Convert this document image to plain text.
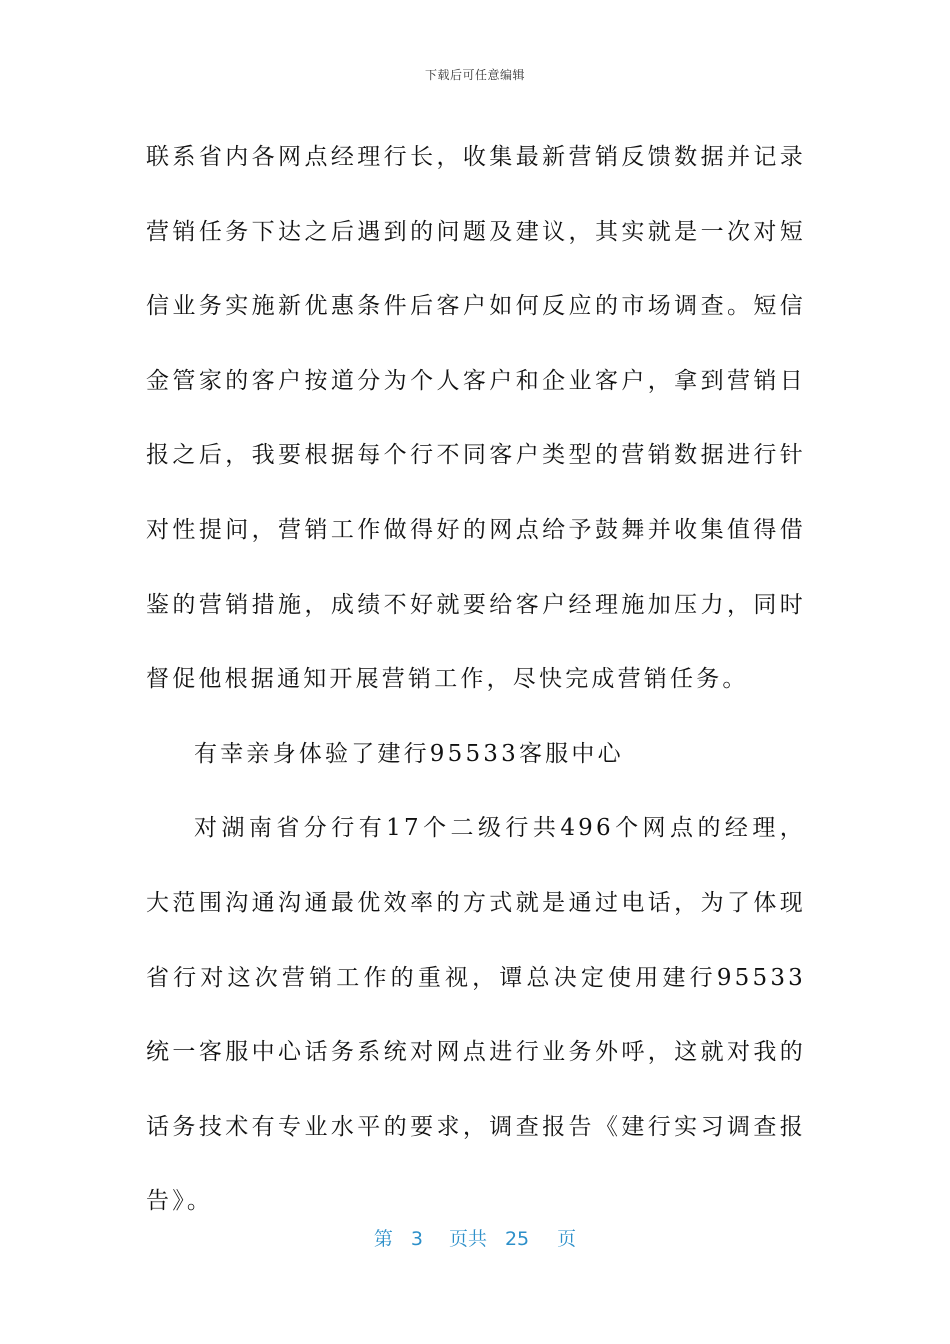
下载后可任意编辑

联系省内各网点经理行长，收集最新营销反馈数据并记录营销任务下达之后遇到的问题及建议，其实就是一次对短信业务实施新优惠条件后客户如何反应的市场调查。短信金管家的客户按道分为个人客户和企业客户，拿到营销日报之后，我要根据每个行不同客户类型的营销数据进行针对性提问，营销工作做得好的网点给予鼓舞并收集值得借鉴的营销措施，成绩不好就要给客户经理施加压力，同时督促他根据通知开展营销工作，尽快完成营销任务。

有幸亲身体验了建行95533客服中心

对湖南省分行有17个二级行共496个网点的经理，大范围沟通沟通最优效率的方式就是通过电话，为了体现省行对这次营销工作的重视，谭总决定使用建行95533统一客服中心话务系统对网点进行业务外呼，这就对我的话务技术有专业水平的要求，调查报告《建行实习调查报告》。

第 3 页共 25 页
